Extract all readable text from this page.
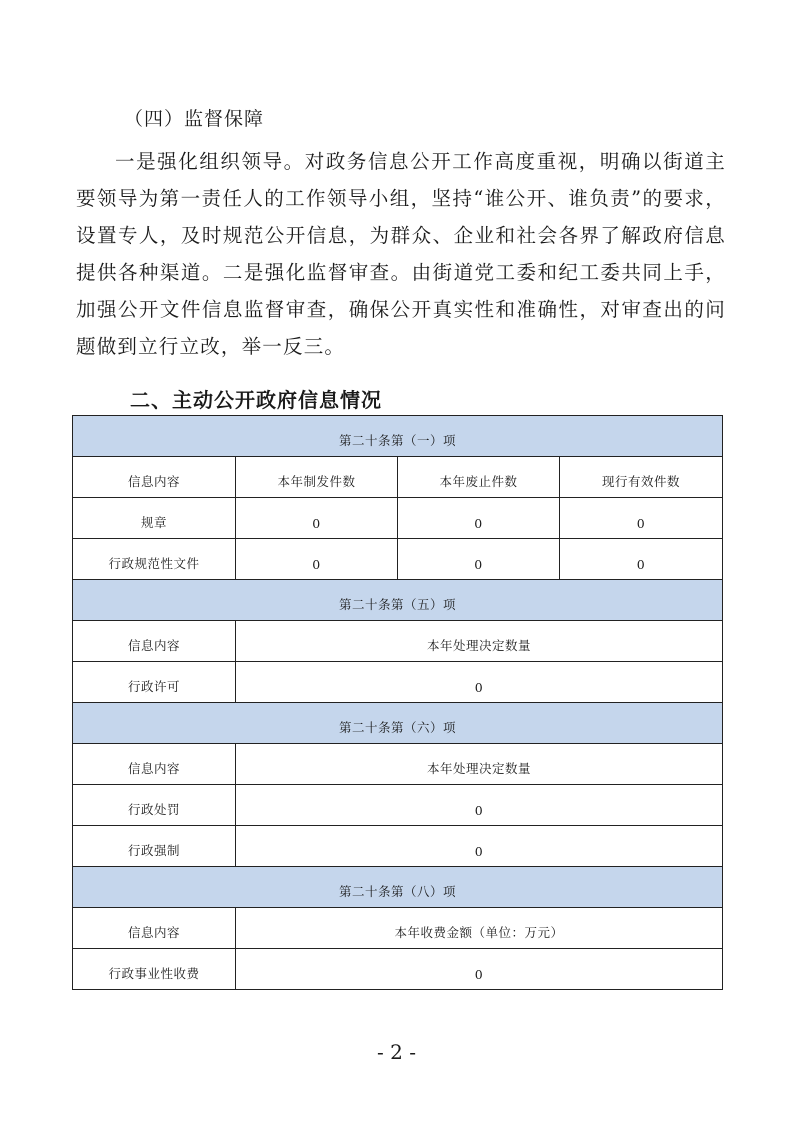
（四）监督保障

一是强化组织领导。对政务信息公开工作高度重视，明确以街道主要领导为第一责任人的工作领导小组，坚持“谁公开、谁负责”的要求，设置专人，及时规范公开信息，为群众、企业和社会各界了解政府信息提供各种渠道。二是强化监督审查。由街道党工委和纪工委共同上手，加强公开文件信息监督审查，确保公开真实性和准确性，对审查出的问题做到立行立改，举一反三。

二、主动公开政府信息情况
第二十条第（一）项			
信息内容	本年制发件数	本年废止件数	现行有效件数
规章	0	0	0
行政规范性文件	0	0	0
第二十条第（五）项			
信息内容	本年处理决定数量		
行政许可	0		
第二十条第（六）项			
信息内容	本年处理决定数量		
行政处罚	0		
行政强制	0		
第二十条第（八）项			
信息内容	本年收费金额（单位：万元）		
行政事业性收费	0		
- 2 -
